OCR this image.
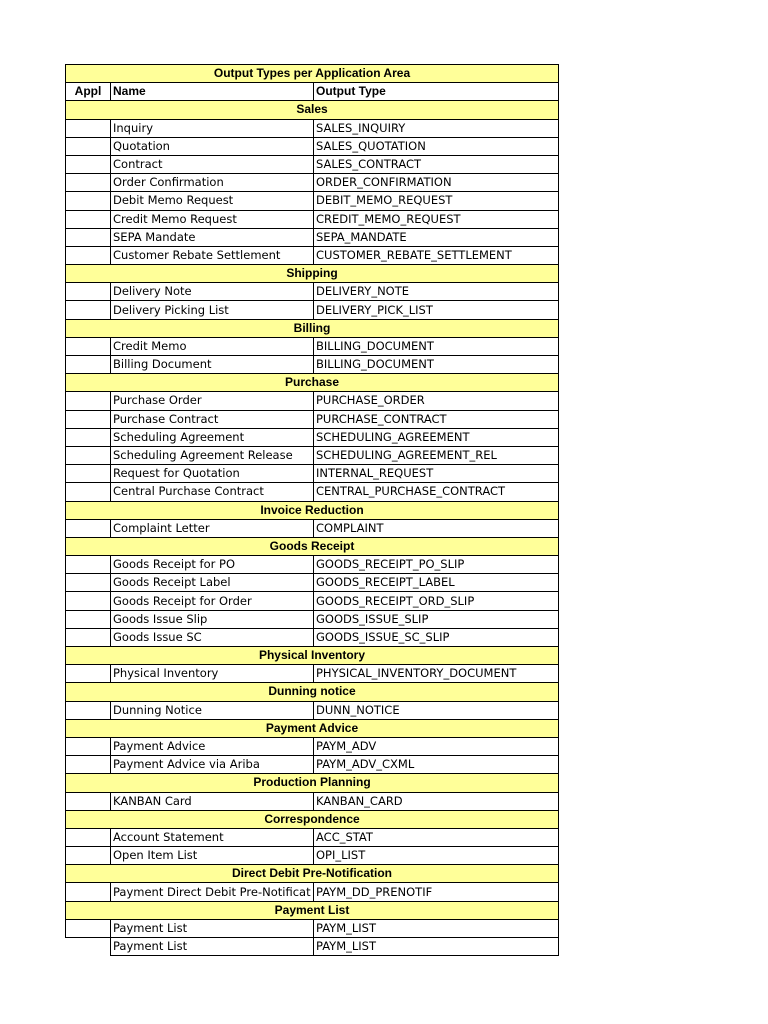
Output Types per Application Area		
Appl	Name	Output Type
Sales		
	Inquiry	SALES_INQUIRY
	Quotation	SALES_QUOTATION
	Contract	SALES_CONTRACT
	Order Confirmation	ORDER_CONFIRMATION
	Debit Memo Request	DEBIT_MEMO_REQUEST
	Credit Memo Request	CREDIT_MEMO_REQUEST
	SEPA Mandate	SEPA_MANDATE
	Customer Rebate Settlement	CUSTOMER_REBATE_SETTLEMENT
Shipping		
	Delivery Note	DELIVERY_NOTE
	Delivery Picking List	DELIVERY_PICK_LIST
Billing		
	Credit Memo	BILLING_DOCUMENT
	Billing Document	BILLING_DOCUMENT
Purchase		
	Purchase Order	PURCHASE_ORDER
	Purchase Contract	PURCHASE_CONTRACT
	Scheduling Agreement	SCHEDULING_AGREEMENT
	Scheduling Agreement Release	SCHEDULING_AGREEMENT_REL
	Request for Quotation	INTERNAL_REQUEST
	Central Purchase Contract	CENTRAL_PURCHASE_CONTRACT
Invoice Reduction		
	Complaint Letter	COMPLAINT
Goods Receipt		
	Goods Receipt for PO	GOODS_RECEIPT_PO_SLIP
	Goods Receipt Label	GOODS_RECEIPT_LABEL
	Goods Receipt for Order	GOODS_RECEIPT_ORD_SLIP
	Goods Issue Slip	GOODS_ISSUE_SLIP
	Goods Issue SC	GOODS_ISSUE_SC_SLIP
Physical Inventory		
	Physical Inventory	PHYSICAL_INVENTORY_DOCUMENT
Dunning notice		
	Dunning Notice	DUNN_NOTICE
Payment Advice		
	Payment Advice	PAYM_ADV
	Payment Advice via Ariba	PAYM_ADV_CXML
Production Planning		
	KANBAN Card	KANBAN_CARD
Correspondence		
	Account Statement	ACC_STAT
	Open Item List	OPI_LIST
Direct Debit Pre-Notification		
	Payment Direct Debit Pre-Notificat	PAYM_DD_PRENOTIF
Payment List		
	Payment List	PAYM_LIST
	Payment List	PAYM_LIST
